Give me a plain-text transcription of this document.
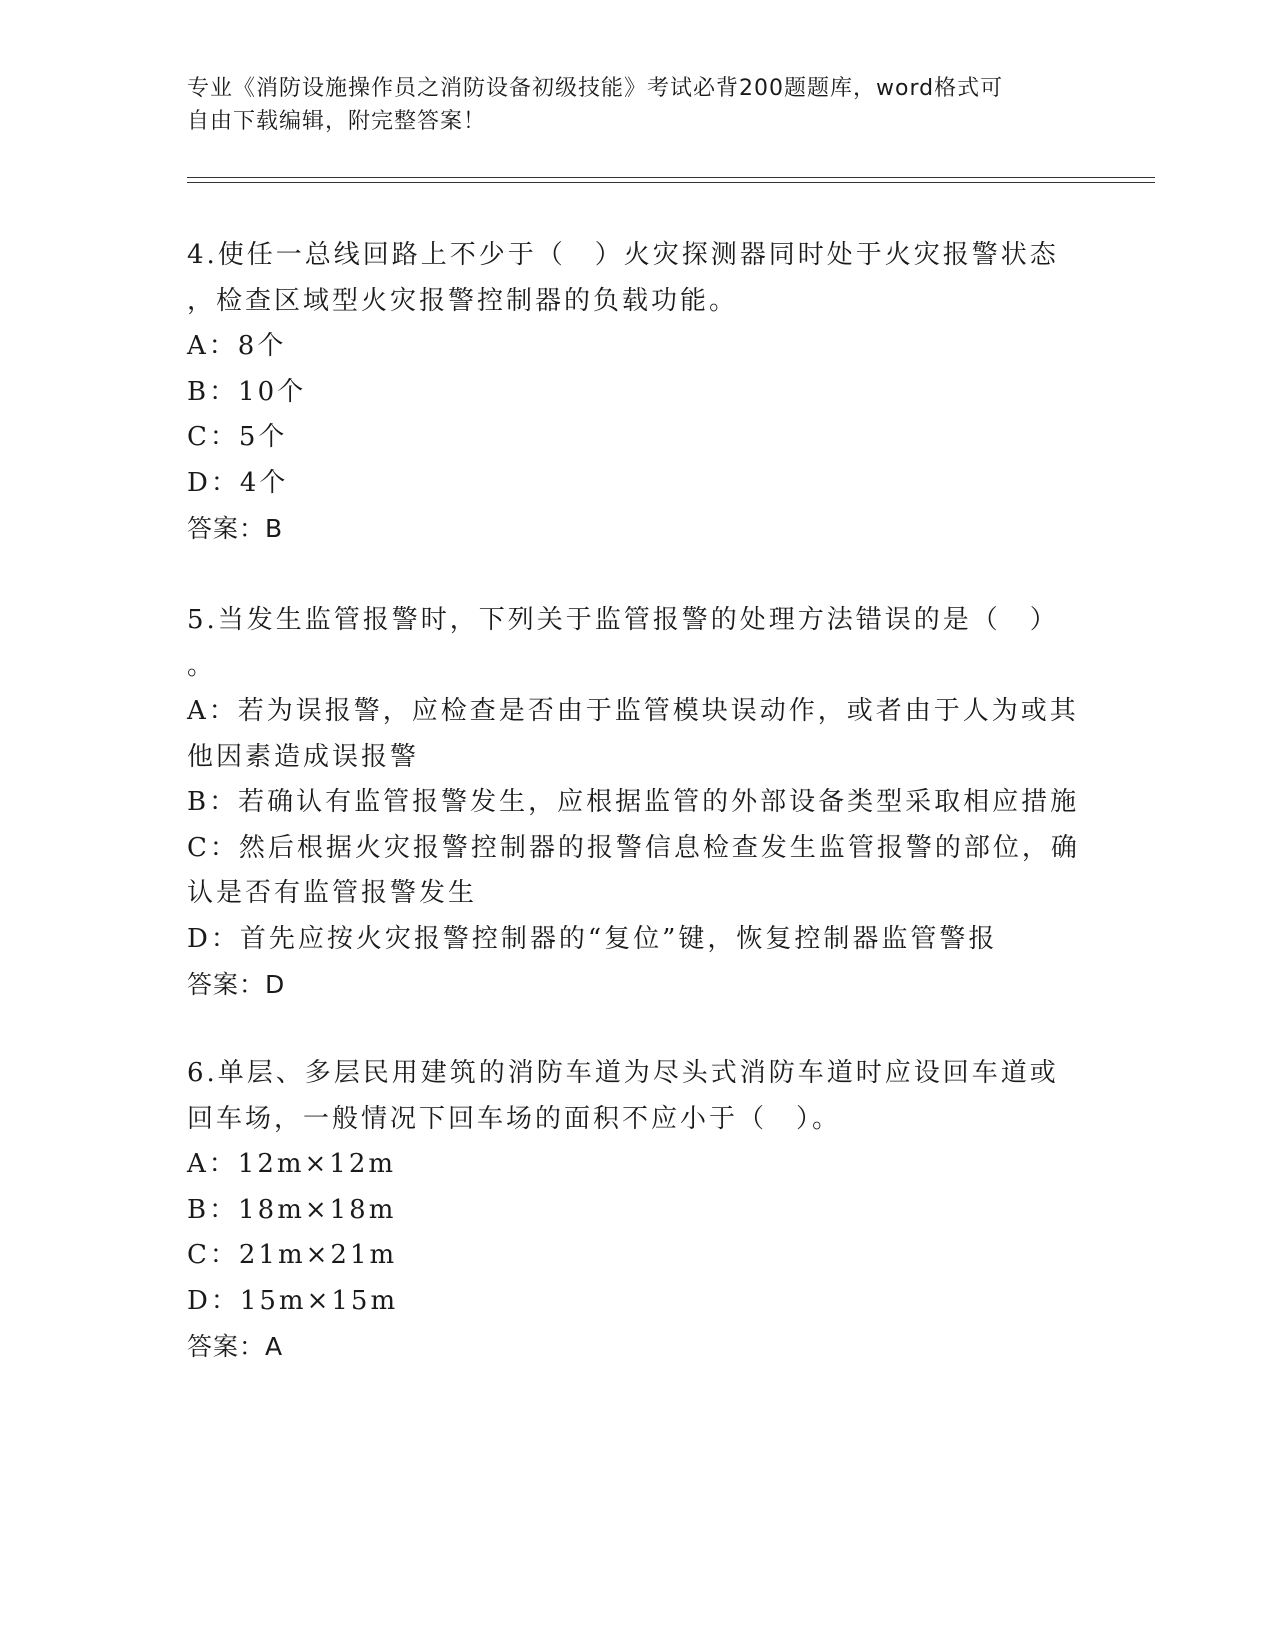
专业《消防设施操作员之消防设备初级技能》考试必背200题题库，word格式可
自由下载编辑，附完整答案！
4.使任一总线回路上不少于（　）火灾探测器同时处于火灾报警状态
，检查区域型火灾报警控制器的负载功能。
A：8个
B：10个
C：5个
D：4个
答案：B
5.当发生监管报警时，下列关于监管报警的处理方法错误的是（　）
。
A：若为误报警，应检查是否由于监管模块误动作，或者由于人为或其
他因素造成误报警
B：若确认有监管报警发生，应根据监管的外部设备类型采取相应措施
C：然后根据火灾报警控制器的报警信息检查发生监管报警的部位，确
认是否有监管报警发生
D：首先应按火灾报警控制器的“复位”键，恢复控制器监管警报
答案：D
6.单层、多层民用建筑的消防车道为尽头式消防车道时应设回车道或
回车场，一般情况下回车场的面积不应小于（　）。
A：12m×12m
B：18m×18m
C：21m×21m
D：15m×15m
答案：A
